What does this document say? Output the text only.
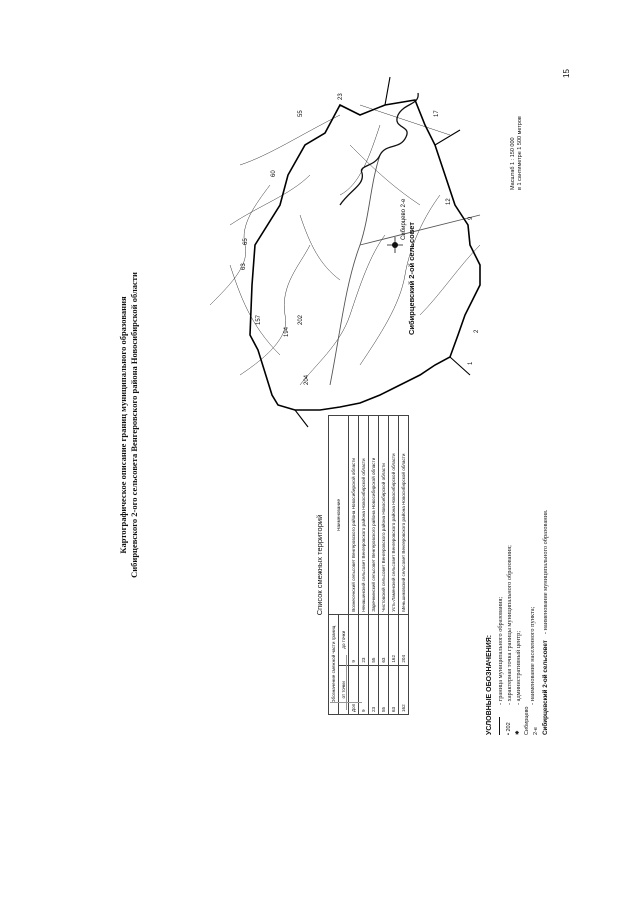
15
Картографическое описание границ муниципального образования Сибирцевского 2-ого сельсовета Венгеровского района Новосибирской области	Сибирцевский 2-ой сельсовет
Сибирцево 2-е
1
2
9
12
17
23
55
60
63
65
157
194
202
204
Масштаб 1 : 150 000 в 1 сантиметре 1 500 метров
Список смежных территорий
Обозначение смежной части границ		Наименование
от точки	до точки	
Доп	9	Вознесенский сельсовет Венгеровского района Новосибирской области
9	23	Ненашинский сельсовет Венгеровского района Новосибирской области
23	55	Заречнинский сельсовет Венгеровского района Новосибирской области
55	63	Чистовский сельсовет Венгеровского района Новосибирской области
63	162	Усть-Ламенский сельсовет Венгеровского района Новосибирской области
162	204	Меньшиковский сельсовет Венгеровского района Новосибирской области
УСЛОВНЫЕ ОБОЗНАЧЕНИЯ: - граница муниципального образования;
• 202
- характерная точка границы муниципального образования;
✱
- административный центр;
Сибирцево 2-е
- наименование населенного пункта; Сибирцевский 2-ой сельсовет
- наименование муниципального образования.
